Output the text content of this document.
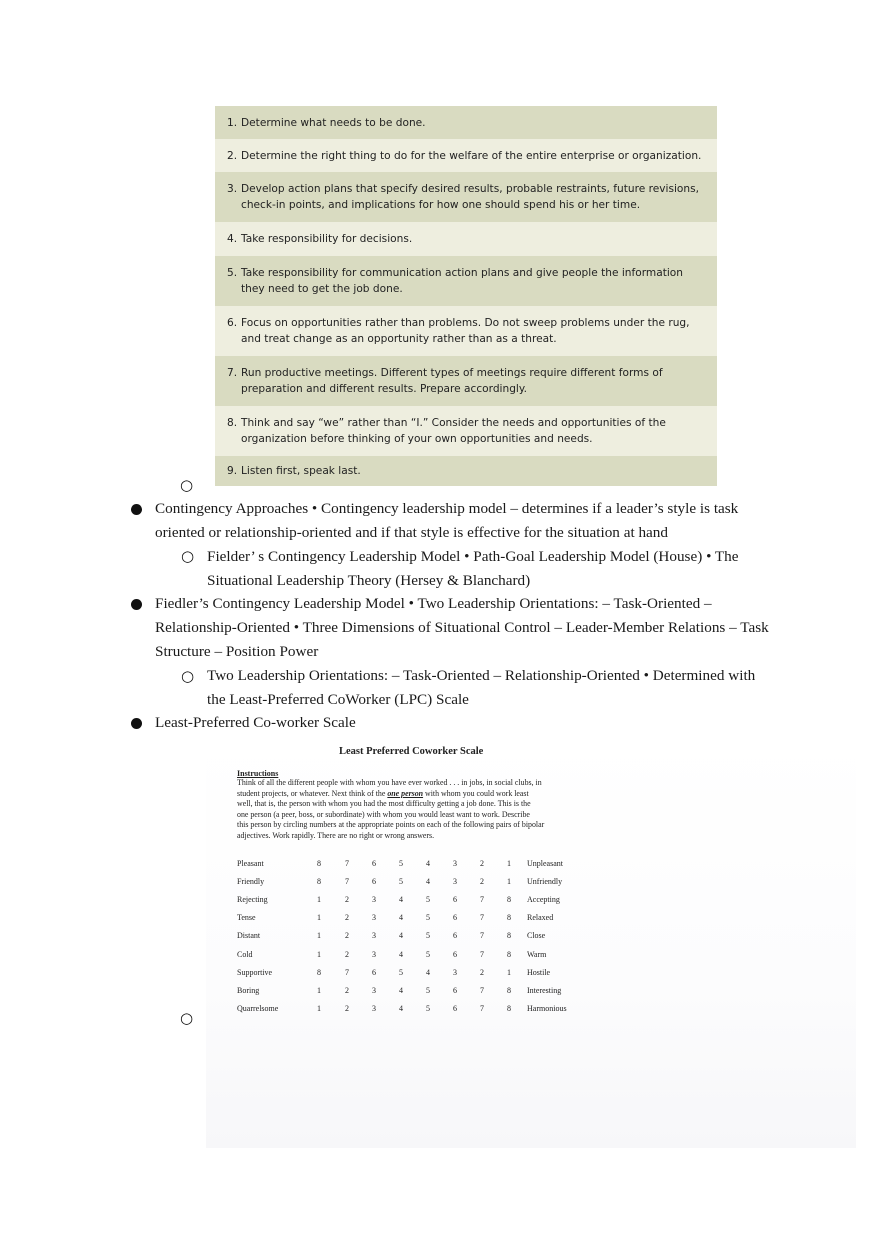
1. Determine what needs to be done.
2. Determine the right thing to do for the welfare of the entire enterprise or organization.
3. Develop action plans that specify desired results, probable restraints, future revisions, check-in points, and implications for how one should spend his or her time.
4. Take responsibility for decisions.
5. Take responsibility for communication action plans and give people the information they need to get the job done.
6. Focus on opportunities rather than problems. Do not sweep problems under the rug, and treat change as an opportunity rather than as a threat.
7. Run productive meetings. Different types of meetings require different forms of preparation and different results. Prepare accordingly.
8. Think and say “we” rather than “I.” Consider the needs and opportunities of the organization before thinking of your own opportunities and needs.
9. Listen first, speak last.
○
Contingency Approaches • Contingency leadership model – determines if a leader’s style is task
oriented or relationship-oriented and if that style is effective for the situation at hand
○ Fielder’ s Contingency Leadership Model • Path-Goal Leadership Model (House) • The
Situational Leadership Theory (Hersey & Blanchard)
Fiedler’s Contingency Leadership Model • Two Leadership Orientations: – Task-Oriented –
Relationship-Oriented • Three Dimensions of Situational Control – Leader-Member Relations – Task
Structure – Position Power
○ Two Leadership Orientations: – Task-Oriented – Relationship-Oriented • Determined with
the Least-Preferred CoWorker (LPC) Scale
Least-Preferred Co-worker Scale
○
Least Preferred Coworker Scale
Instructions
Think of all the different people with whom you have ever worked . . . in jobs, in social clubs, in
student projects, or whatever. Next think of the one person with whom you could work least
well, that is, the person with whom you had the most difficulty getting a job done. This is the
one person (a peer, boss, or subordinate) with whom you would least want to work. Describe
this person by circling numbers at the appropriate points on each of the following pairs of bipolar
adjectives. Work rapidly. There are no right or wrong answers.
Pleasant	8	7	6	5	4	3	2	1 Unpleasant
Friendly	8	7	6	5	4	3	2	1 Unfriendly
Rejecting	1	2	3	4	5	6	7	8 Accepting
Tense	1	2	3	4	5	6	7	8 Relaxed
Distant	1	2	3	4	5	6	7	8 Close
Cold	1	2	3	4	5	6	7	8 Warm
Supportive	8	7	6	5	4	3	2	1 Hostile
Boring	1	2	3	4	5	6	7	8 Interesting
Quarrelsome	1	2	3	4	5	6	7	8 Harmonious
